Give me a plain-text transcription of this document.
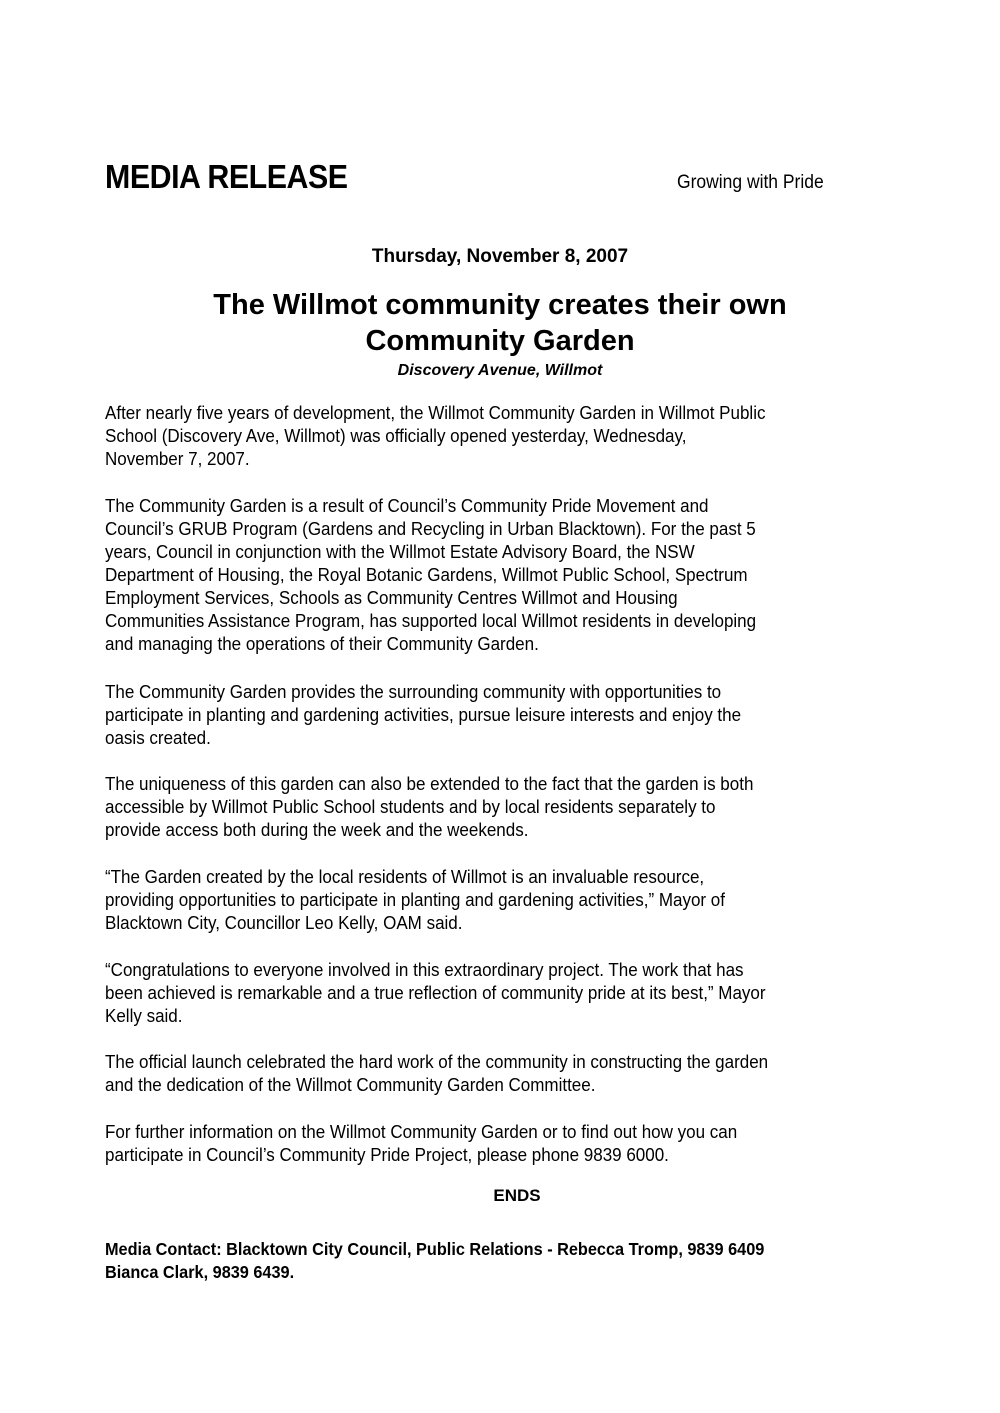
MEDIA RELEASE	Growing with Pride
Thursday, November 8, 2007
The Willmot community creates their own
Community Garden
Discovery Avenue, Willmot
After nearly five years of development, the Willmot Community Garden in Willmot Public
School (Discovery Ave, Willmot) was officially opened yesterday, Wednesday,
November 7, 2007.
The Community Garden is a result of Council’s Community Pride Movement and
Council’s GRUB Program (Gardens and Recycling in Urban Blacktown). For the past 5
years, Council in conjunction with the Willmot Estate Advisory Board, the NSW
Department of Housing, the Royal Botanic Gardens, Willmot Public School, Spectrum
Employment Services, Schools as Community Centres Willmot and Housing
Communities Assistance Program, has supported local Willmot residents in developing
and managing the operations of their Community Garden.
The Community Garden provides the surrounding community with opportunities to
participate in planting and gardening activities, pursue leisure interests and enjoy the
oasis created.
The uniqueness of this garden can also be extended to the fact that the garden is both
accessible by Willmot Public School students and by local residents separately to
provide access both during the week and the weekends.
“The Garden created by the local residents of Willmot is an invaluable resource,
providing opportunities to participate in planting and gardening activities,” Mayor of
Blacktown City, Councillor Leo Kelly, OAM said.
“Congratulations to everyone involved in this extraordinary project. The work that has
been achieved is remarkable and a true reflection of community pride at its best,” Mayor
Kelly said.
The official launch celebrated the hard work of the community in constructing the garden
and the dedication of the Willmot Community Garden Committee.
For further information on the Willmot Community Garden or to find out how you can
participate in Council’s Community Pride Project, please phone 9839 6000.
ENDS
Media Contact: Blacktown City Council, Public Relations - Rebecca Tromp, 9839 6409
Bianca Clark, 9839 6439.
